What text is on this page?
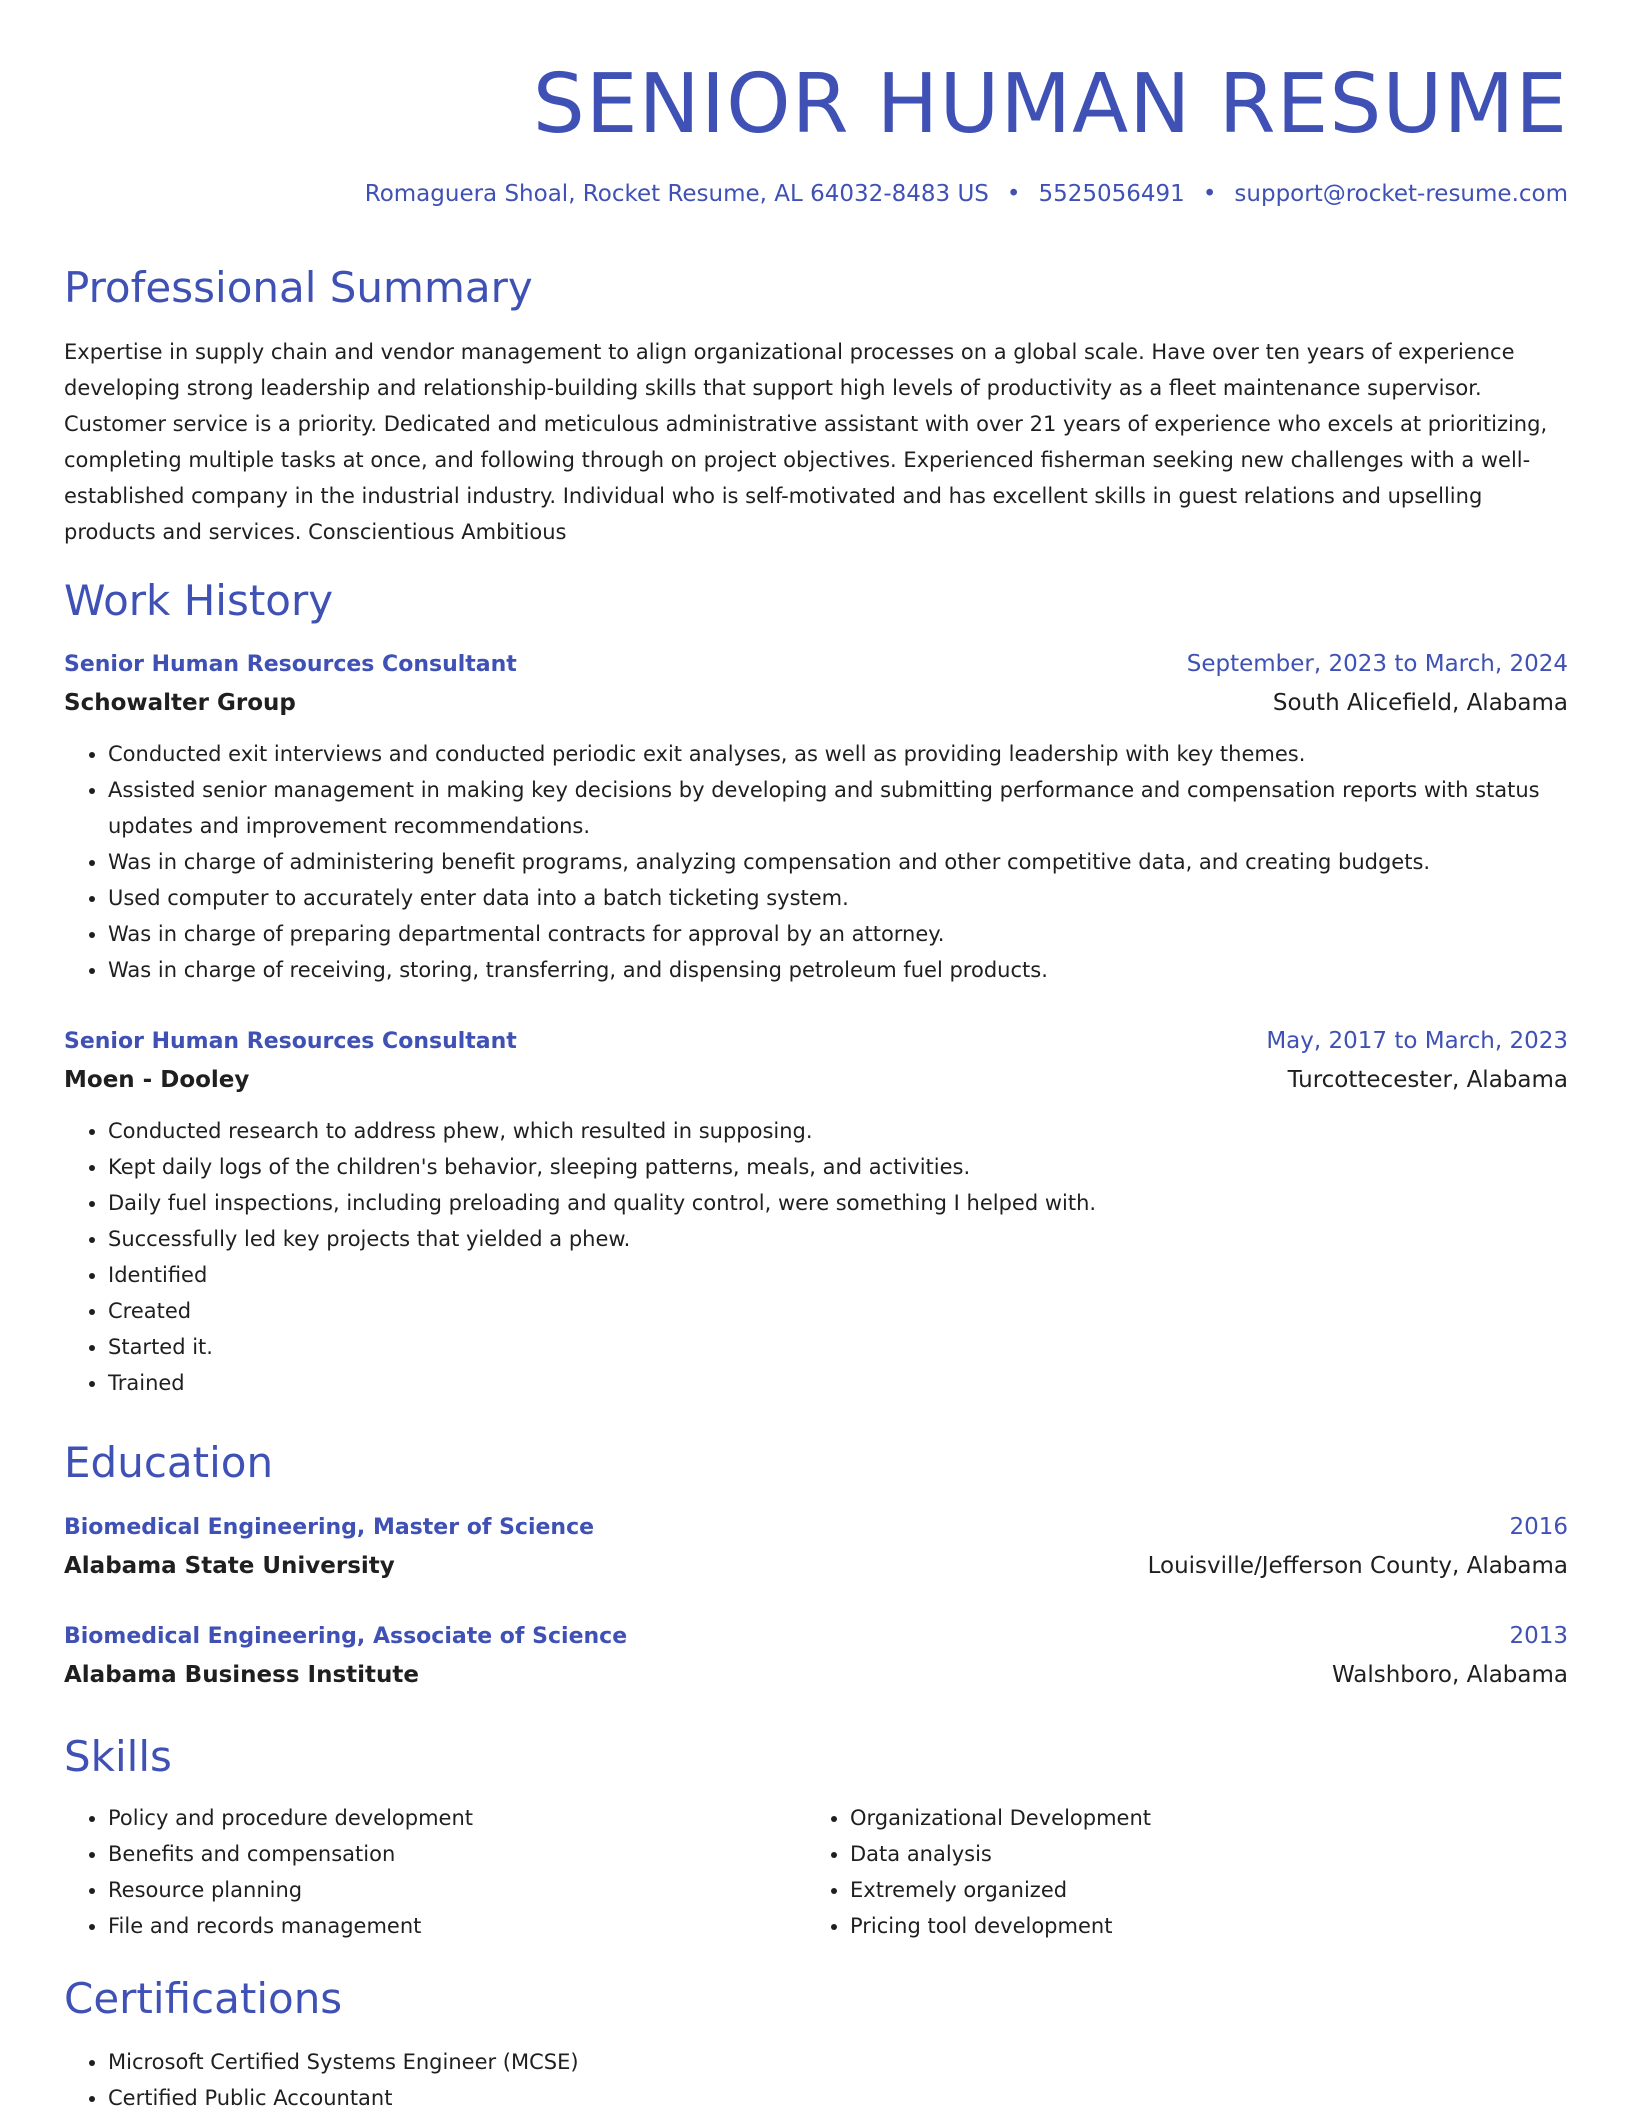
SENIOR HUMAN RESUME
Romaguera Shoal, Rocket Resume, AL 64032-8483 US • 5525056491 • support@rocket-resume.com
Professional Summary

Expertise in supply chain and vendor management to align organizational processes on a global scale. Have over ten years of experience developing strong leadership and relationship-building skills that support high levels of productivity as a fleet maintenance supervisor. Customer service is a priority. Dedicated and meticulous administrative assistant with over 21 years of experience who excels at prioritizing, completing multiple tasks at once, and following through on project objectives. Experienced fisherman seeking new challenges with a well-established company in the industrial industry. Individual who is self-motivated and has excellent skills in guest relations and upselling products and services. Conscientious Ambitious

Work History
Senior Human Resources Consultant	September, 2023 to March, 2024
Schowalter Group	South Alicefield, Alabama
• Conducted exit interviews and conducted periodic exit analyses, as well as providing leadership with key themes.
• Assisted senior management in making key decisions by developing and submitting performance and compensation reports with status updates and improvement recommendations.
• Was in charge of administering benefit programs, analyzing compensation and other competitive data, and creating budgets.
• Used computer to accurately enter data into a batch ticketing system.
• Was in charge of preparing departmental contracts for approval by an attorney.
• Was in charge of receiving, storing, transferring, and dispensing petroleum fuel products.
Senior Human Resources Consultant	May, 2017 to March, 2023
Moen - Dooley	Turcottecester, Alabama
• Conducted research to address phew, which resulted in supposing.
• Kept daily logs of the children's behavior, sleeping patterns, meals, and activities.
• Daily fuel inspections, including preloading and quality control, were something I helped with.
• Successfully led key projects that yielded a phew.
• Identified
• Created
• Started it.
• Trained
Education
Biomedical Engineering, Master of Science	2016
Alabama State University	Louisville/Jefferson County, Alabama
Biomedical Engineering, Associate of Science	2013
Alabama Business Institute	Walshboro, Alabama
Skills
• Policy and procedure development
• Benefits and compensation
• Resource planning
• File and records management
• Organizational Development
• Data analysis
• Extremely organized
• Pricing tool development
Certifications
• Microsoft Certified Systems Engineer (MCSE)
• Certified Public Accountant
